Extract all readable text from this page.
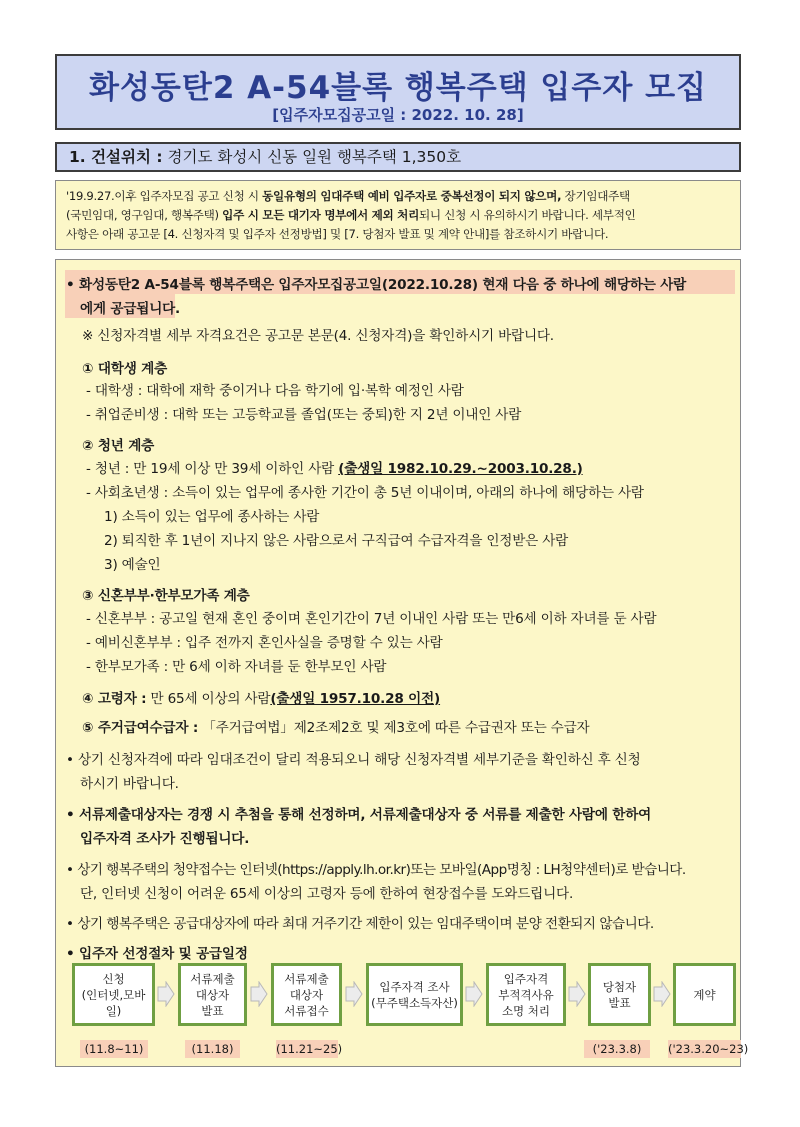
화성동탄2 A-54블록 행복주택 입주자 모집
[입주자모집공고일 : 2022. 10. 28]
1. 건설위치 : 경기도 화성시 신동 일원 행복주택 1,350호
'19.9.27.이후 입주자모집 공고 신청 시 동일유형의 임대주택 예비 입주자로 중복선정이 되지 않으며, 장기임대주택
(국민임대, 영구임대, 행복주택) 입주 시 모든 대기자 명부에서 제외 처리되니 신청 시 유의하시기 바랍니다. 세부적인
사항은 아래 공고문 [4. 신청자격 및 입주자 선정방법] 및 [7. 당첨자 발표 및 계약 안내]를 참조하시기 바랍니다.
• 화성동탄2 A-54블록 행복주택은 입주자모집공고일(2022.10.28) 현재 다음 중 하나에 해당하는 사람
에게 공급됩니다.
※ 신청자격별 세부 자격요건은 공고문 본문(4. 신청자격)을 확인하시기 바랍니다.
① 대학생 계층
- 대학생 : 대학에 재학 중이거나 다음 학기에 입·복학 예정인 사람
- 취업준비생 : 대학 또는 고등학교를 졸업(또는 중퇴)한 지 2년 이내인 사람
② 청년 계층
- 청년 : 만 19세 이상 만 39세 이하인 사람 (출생일 1982.10.29.~2003.10.28.)
- 사회초년생 : 소득이 있는 업무에 종사한 기간이 총 5년 이내이며, 아래의 하나에 해당하는 사람
1) 소득이 있는 업무에 종사하는 사람
2) 퇴직한 후 1년이 지나지 않은 사람으로서 구직급여 수급자격을 인정받은 사람
3) 예술인
③ 신혼부부·한부모가족 계층
- 신혼부부 : 공고일 현재 혼인 중이며 혼인기간이 7년 이내인 사람 또는 만6세 이하 자녀를 둔 사람
- 예비신혼부부 : 입주 전까지 혼인사실을 증명할 수 있는 사람
- 한부모가족 : 만 6세 이하 자녀를 둔 한부모인 사람
④ 고령자 : 만 65세 이상의 사람(출생일 1957.10.28 이전)
⑤ 주거급여수급자 : 「주거급여법」제2조제2호 및 제3호에 따른 수급권자 또는 수급자
• 상기 신청자격에 따라 임대조건이 달리 적용되오니 해당 신청자격별 세부기준을 확인하신 후 신청
하시기 바랍니다.
• 서류제출대상자는 경쟁 시 추첨을 통해 선정하며, 서류제출대상자 중 서류를 제출한 사람에 한하여
입주자격 조사가 진행됩니다.
• 상기 행복주택의 청약접수는 인터넷(https://apply.lh.or.kr)또는 모바일(App명칭 : LH청약센터)로 받습니다.
단, 인터넷 신청이 어려운 65세 이상의 고령자 등에 한하여 현장접수를 도와드립니다.
• 상기 행복주택은 공급대상자에 따라 최대 거주기간 제한이 있는 임대주택이며 분양 전환되지 않습니다.
• 입주자 선정절차 및 공급일정
신청
(인터넷,모바일)
서류제출
대상자
발표
서류제출
대상자
서류접수
입주자격 조사
(무주택소득자산)
입주자격
부적격사유
소명 처리
당첨자
발표
계약
(11.8~11)	(11.18)	(11.21~25)	('23.3.8)	('23.3.20~23)
